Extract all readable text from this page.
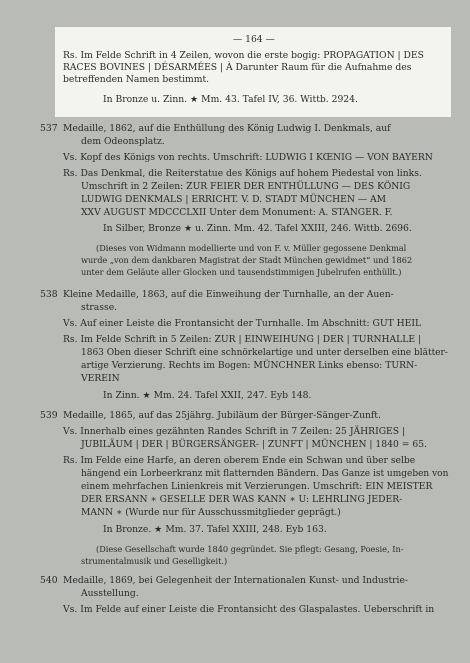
— 164 —
Rs. Im Felde Schrift in 4 Zeilen, wovon die erste bogig: PROPAGATION | DES
RACES BOVINES | DÉSARMÉES | À Darunter Raum für die Aufnahme des
betreffenden Namen bestimmt.
In Bronze u. Zinn. ★ Mm. 43. Tafel IV, 36. Wittb. 2924.
537 Medaille, 1862, auf die Enthüllung des König Ludwig I. Denkmals, auf
dem Odeonsplatz.
Vs. Kopf des Königs von rechts. Umschrift: LUDWIG I KŒNIG — VON BAYERN
Rs. Das Denkmal, die Reiterstatue des Königs auf hohem Piedestal von links.
Umschrift in 2 Zeilen: ZUR FEIER DER ENTHÜLLUNG — DES KÖNIG
LUDWIG DENKMALS | ERRICHT. V. D. STADT MÜNCHEN — AM
XXV AUGUST MDCCCLXII Unter dem Monument: A. STANGER. F.
In Silber, Bronze ★ u. Zinn. Mm. 42. Tafel XXIII, 246. Wittb. 2696.
(Dieses von Widmann modellierte und von F. v. Müller gegossene Denkmal
wurde „von dem dankbaren Magistrat der Stadt München gewidmet“ und 1862
unter dem Geläute aller Glocken und tausendstimmigen Jubelrufen enthüllt.)
538 Kleine Medaille, 1863, auf die Einweihung der Turnhalle, an der Auen-
strasse.
Vs. Auf einer Leiste die Frontansicht der Turnhalle. Im Abschnitt: GUT HEIL
Rs. Im Felde Schrift in 5 Zeilen: ZUR | EINWEIHUNG | DER | TURNHALLE |
1863 Oben dieser Schrift eine schnörkelartige und unter derselben eine blätter-
artige Verzierung. Rechts im Bogen: MÜNCHNER Links ebenso: TURN-
VEREIN
In Zinn. ★ Mm. 24. Tafel XXII, 247. Eyb 148.
539 Medaille, 1865, auf das 25jährg. Jubiläum der Bürger-Sänger-Zunft.
Vs. Innerhalb eines gezähnten Randes Schrift in 7 Zeilen: 25 JÄHRIGES |
JUBILÄUM | DER | BÜRGERSÄNGER- | ZUNFT | MÜNCHEN | 1840 = 65.
Rs. Im Felde eine Harfe, an deren oberem Ende ein Schwan und über selbe
hängend ein Lorbeerkranz mit flatternden Bändern. Das Ganze ist umgeben von
einem mehrfachen Linienkreis mit Verzierungen. Umschrift: EIN MEISTER
DER ERSANN ∗ GESELLE DER WAS KANN ∗ U: LEHRLING JEDER-
MANN ∗ (Wurde nur für Ausschussmitglieder geprägt.)
In Bronze. ★ Mm. 37. Tafel XXIII, 248. Eyb 163.
(Diese Gesellschaft wurde 1840 gegründet. Sie pflegt: Gesang, Poesie, In-
strumentalmusik und Geselligkeit.)
540 Medaille, 1869, bei Gelegenheit der Internationalen Kunst- und Industrie-
Ausstellung.
Vs. Im Felde auf einer Leiste die Frontansicht des Glaspalastes. Ueberschrift in
